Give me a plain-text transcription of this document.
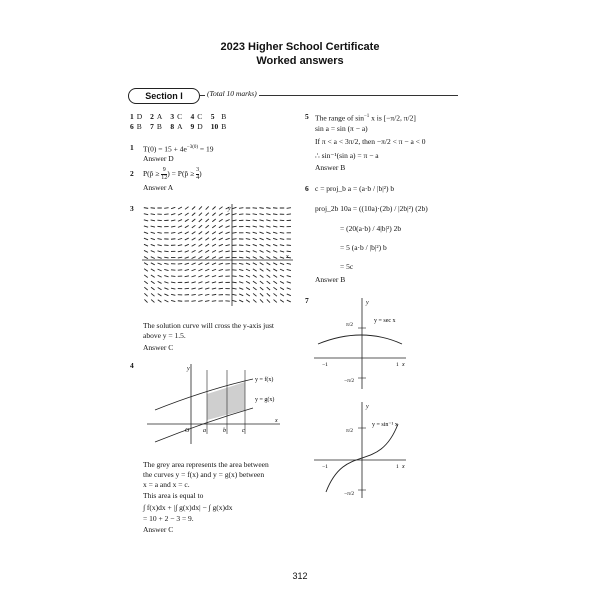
2023 Higher School Certificate
Worked answers
Section I	(Total 10 marks)
1	D	2	A	3	C	4	C	5	B
6	B	7	B	8	A	9	D	10	B
1 $T(0) = 15 + 4e^{-3(0)} = 19$
Answer D
2 P(p̂ ≥ $\frac{9}{12}$ ) = P(p̂ ≥ $\frac{3}{4}$ )
Answer A
3	y
x
The solution curve will cross the y-axis just
above y = 1.5.
Answer C
4
y = f(x)
y = g(x)
y
x
O a	b	c
The grey area represents the area between
the curves y = f(x) and y = g(x) between
x = a and x = c.
This area is equal to
∫ f(x)dx + |∫ g(x)dx| − ∫ g(x)dx
= 10 + 2 − 3 = 9.
Answer C
5 The range of $\sin^{-1} x$ is [−π/2, π/2]
sin a = sin (π − a)
If π < a < 3π/2, then −π/2 < π − a < 0
∴ sin⁻¹(sin a) = π − a
Answer B
6 c = proj_b a = (a·b / |b|²) b
proj_2b 10a = ((10a)·(2b) / |2b|²) (2b)
= (20(a·b) / 4|b|²) 2b
= 5 (a·b / |b|²) b
= 5c
Answer B
7	y
x
y = sec x
π/2
−π/2
−1	1
y
x
y = sin⁻¹ x
π/2
−π/2
−1	1
312
